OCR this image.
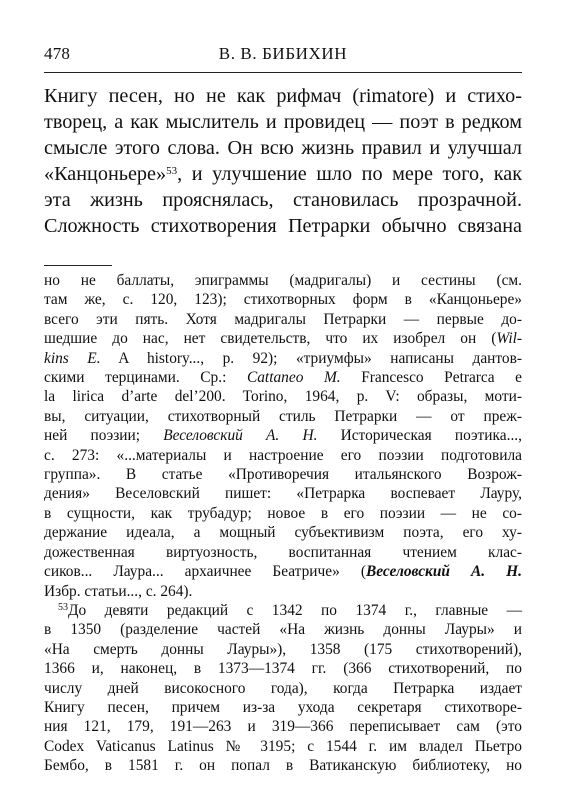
478	В. В. БИБИХИН
Книгу песен, но не как рифмач (rimatore) и стихо-
творец, а как мыслитель и провидец — поэт в редком
смысле этого слова. Он всю жизнь правил и улучшал
«Канцоньере»$^{53}$, и улучшение шло по мере того, как
эта жизнь прояснялась, становилась прозрачной.
Сложность стихотворения Петрарки обычно связана
но не баллаты, эпиграммы (мадригалы) и сестины (см.
там же, с. 120, 123); стихотворных форм в «Канцоньере»
всего эти пять. Хотя мадригалы Петрарки — первые до-
шедшие до нас, нет свидетельств, что их изобрел он (Wil-
kins E. A history..., p. 92); «триумфы» написаны дантов-
скими терцинами. Ср.: Cattaneo M. Francesco Petrarca e
la lirica d’arte del’200. Torino, 1964, p. V: образы, моти-
вы, ситуации, стихотворный стиль Петрарки — от преж-
ней поэзии; Веселовский А. Н. Историческая поэтика...,
с. 273: «...материалы и настроение его поэзии подготовила
группа». В статье «Противоречия итальянского Возрож-
дения» Веселовский пишет: «Петрарка воспевает Лауру,
в сущности, как трубадур; новое в его поэзии — не со-
держание идеала, а мощный субъективизм поэта, его ху-
дожественная виртуозность, воспитанная чтением клас-
сиков... Лаура... архаичнее Беатриче» (Веселовский А. Н.
Избр. статьи..., с. 264).
$^{53}$До девяти редакций с 1342 по 1374 г., главные —
в 1350 (разделение частей «На жизнь донны Лауры» и
«На смерть донны Лауры»), 1358 (175 стихотворений),
1366 и, наконец, в 1373—1374 гг. (366 стихотворений, по
числу дней високосного года), когда Петрарка издает
Книгу песен, причем из-за ухода секретаря стихотворе-
ния 121, 179, 191—263 и 319—366 переписывает сам (это
Codex Vaticanus Latinus № 3195; с 1544 г. им владел Пьетро
Бембо, в 1581 г. он попал в Ватиканскую библиотеку, но
